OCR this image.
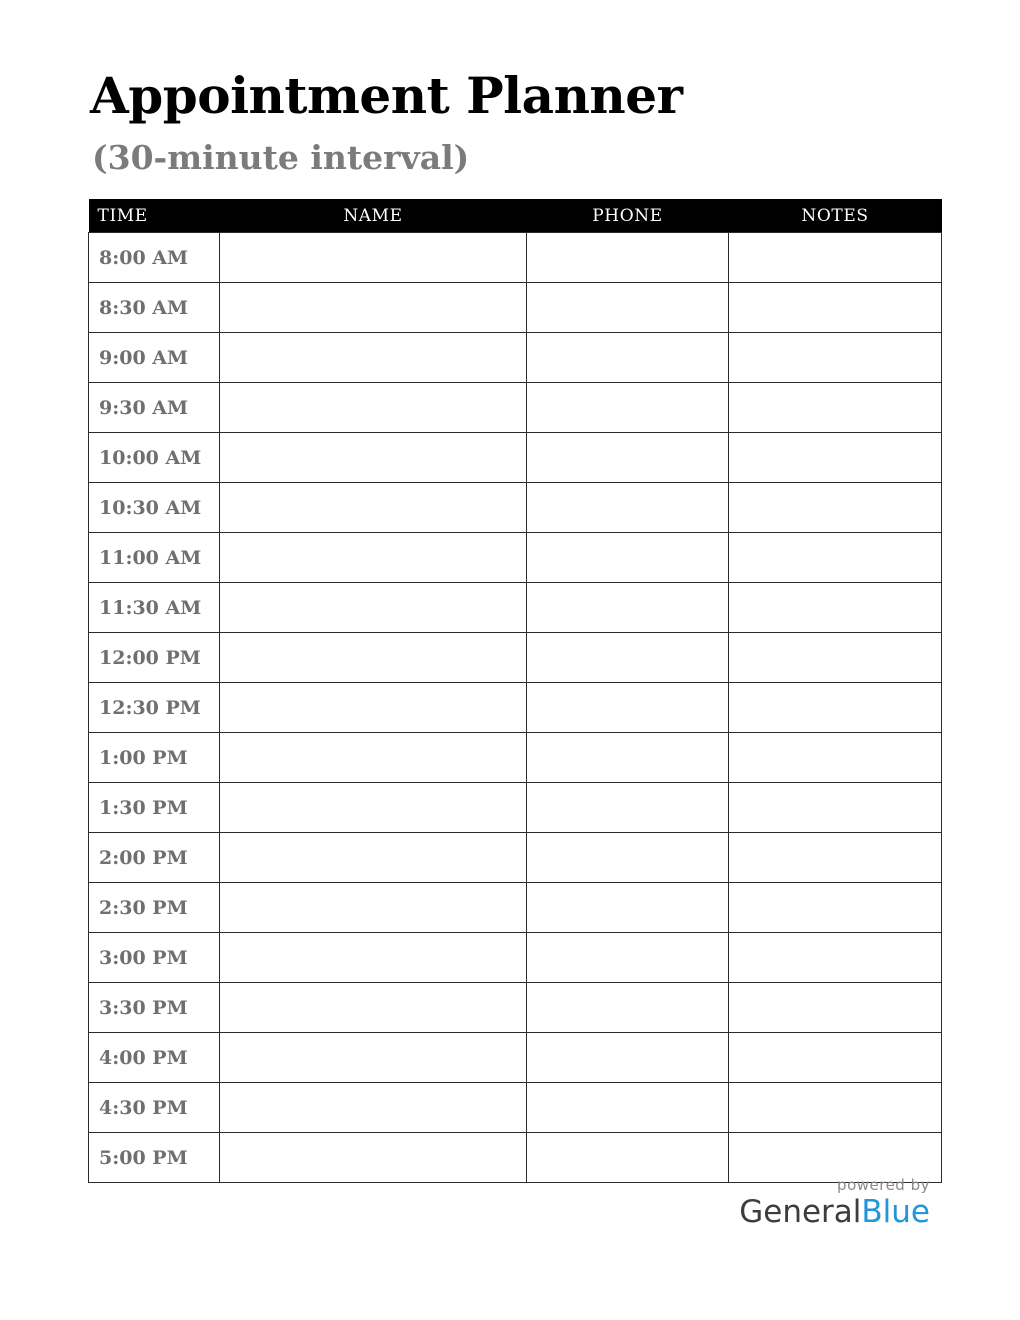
Appointment Planner
(30-minute interval)
TIME	NAME	PHONE	NOTES
8:00 AM			
8:30 AM			
9:00 AM			
9:30 AM			
10:00 AM			
10:30 AM			
11:00 AM			
11:30 AM			
12:00 PM			
12:30 PM			
1:00 PM			
1:30 PM			
2:00 PM			
2:30 PM			
3:00 PM			
3:30 PM			
4:00 PM			
4:30 PM			
5:00 PM			
powered by
GeneralBlue
